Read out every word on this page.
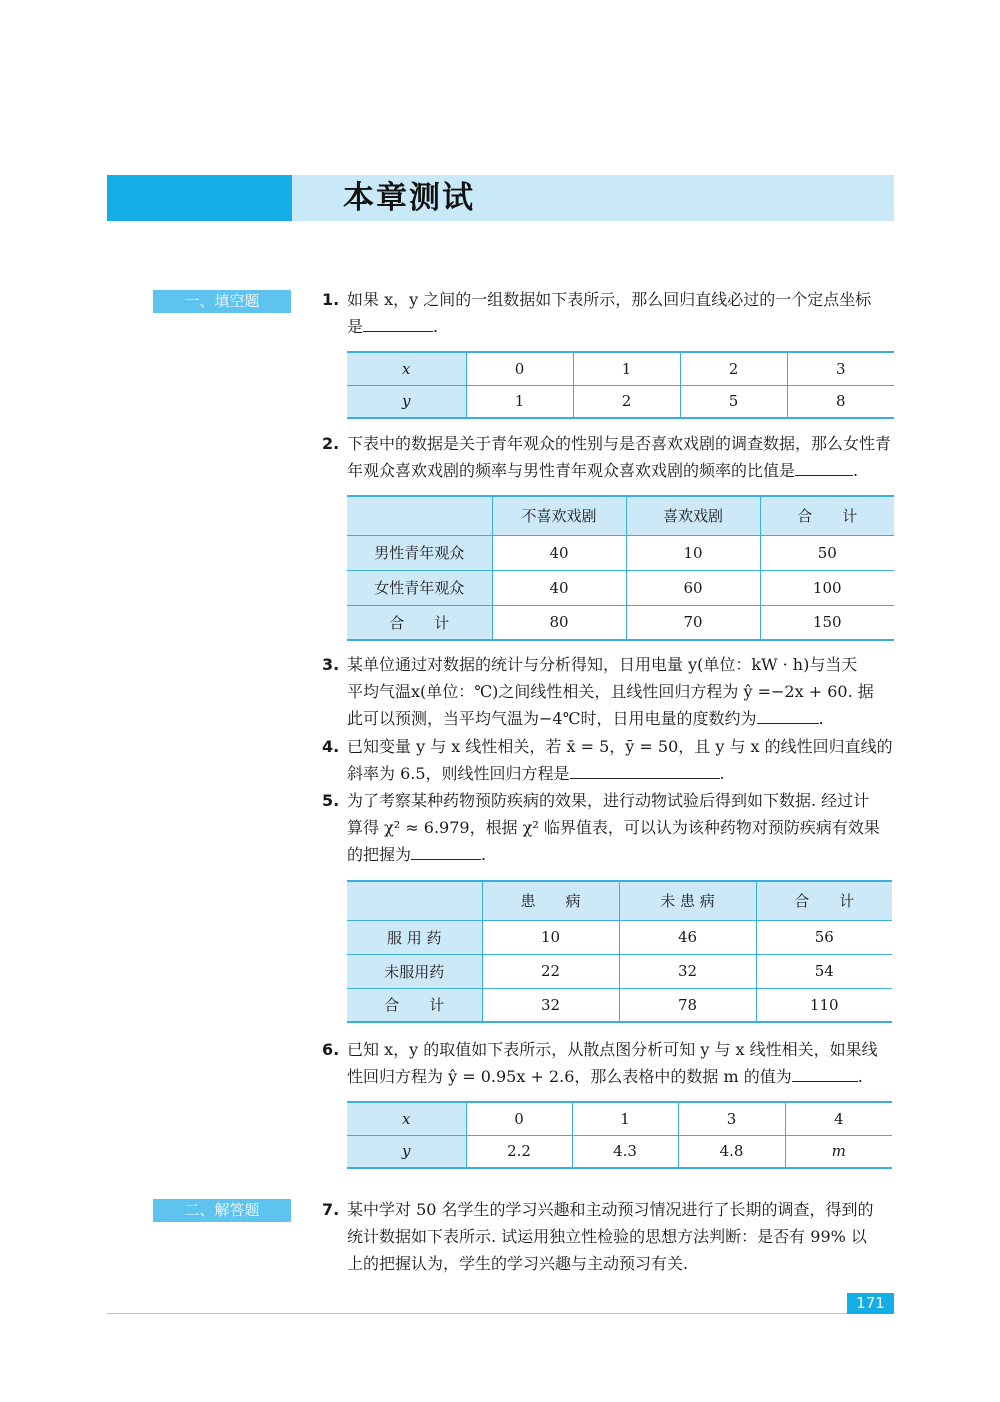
本章测试
一、填空题	1. 如果 x，y 之间的一组数据如下表所示，那么回归直线必过的一个定点坐标
是	.
x	0	1	2	3
y	1	2	5	8
2. 下表中的数据是关于青年观众的性别与是否喜欢戏剧的调查数据，那么女性青
年观众喜欢戏剧的频率与男性青年观众喜欢戏剧的频率的比值是	.
	不喜欢戏剧	喜欢戏剧	合　　计
男性青年观众	40	10	50
女性青年观众	40	60	100
合　　计	80	70	150
3. 某单位通过对数据的统计与分析得知，日用电量 y(单位：kW · h)与当天
平均气温x(单位：℃)之间线性相关，且线性回归方程为 ŷ =−2x + 60. 据
此可以预测，当平均气温为−4℃时，日用电量的度数约为	.
4. 已知变量 y 与 x 线性相关，若 x̄ = 5，ȳ = 50，且 y 与 x 的线性回归直线的
斜率为 6.5，则线性回归方程是	.
5. 为了考察某种药物预防疾病的效果，进行动物试验后得到如下数据. 经过计
算得 χ² ≈ 6.979，根据 χ² 临界值表，可以认为该种药物对预防疾病有效果
的把握为	.
	患　　病	未 患 病	合　　计
服 用 药	10	46	56
未服用药	22	32	54
合　　计	32	78	110
6. 已知 x，y 的取值如下表所示，从散点图分析可知 y 与 x 线性相关，如果线
性回归方程为 ŷ = 0.95x + 2.6，那么表格中的数据 m 的值为	.
x	0	1	3	4
y	2.2	4.3	4.8	m
二、解答题	7. 某中学对 50 名学生的学习兴趣和主动预习情况进行了长期的调查，得到的
统计数据如下表所示. 试运用独立性检验的思想方法判断：是否有 99% 以
上的把握认为，学生的学习兴趣与主动预习有关.
171
